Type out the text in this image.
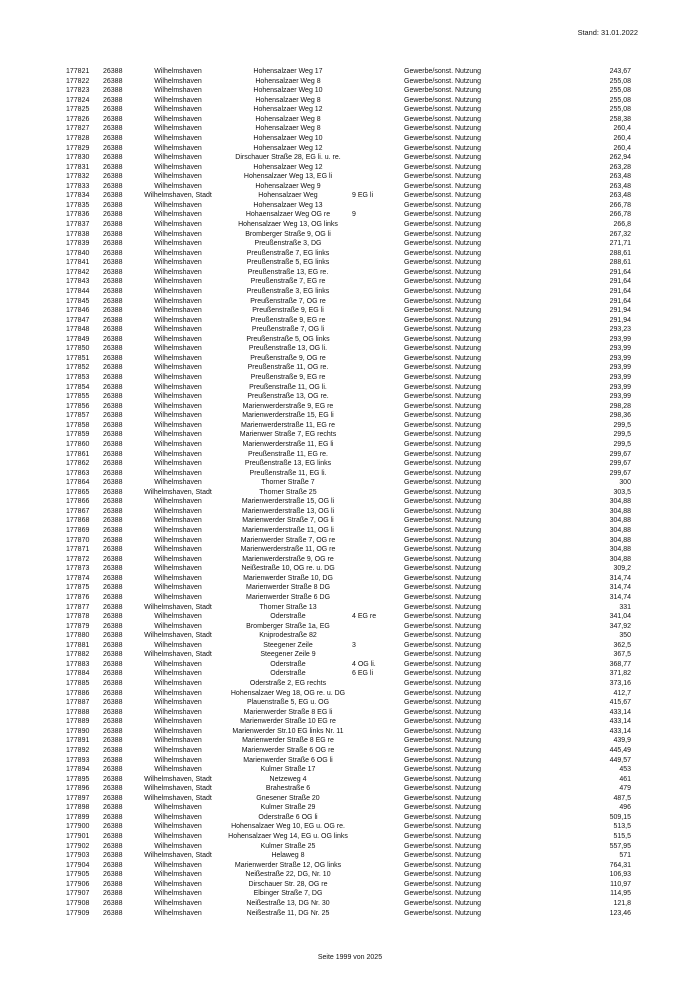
Stand: 31.01.2022
177821 26388	Wilhelmshaven	Hohensalzaer Weg 17	Gewerbe/sonst. Nutzung	243,67
177822 26388	Wilhelmshaven	Hohensalzaer Weg 8	Gewerbe/sonst. Nutzung	255,08
177823 26388	Wilhelmshaven	Hohensalzaer Weg 10	Gewerbe/sonst. Nutzung	255,08
177824 26388	Wilhelmshaven	Hohensalzaer Weg 8	Gewerbe/sonst. Nutzung	255,08
177825 26388	Wilhelmshaven	Hohensalzaer Weg 12	Gewerbe/sonst. Nutzung	255,08
177826 26388	Wilhelmshaven	Hohensalzaer Weg 8	Gewerbe/sonst. Nutzung	258,38
177827 26388	Wilhelmshaven	Hohensalzaer Weg 8	Gewerbe/sonst. Nutzung	260,4
177828 26388	Wilhelmshaven	Hohensalzaer Weg 10	Gewerbe/sonst. Nutzung	260,4
177829 26388	Wilhelmshaven	Hohensalzaer Weg 12	Gewerbe/sonst. Nutzung	260,4
177830 26388	Wilhelmshaven	Dirschauer Straße 28, EG li. u. re.	Gewerbe/sonst. Nutzung	262,94
177831 26388	Wilhelmshaven	Hohensalzaer Weg 12	Gewerbe/sonst. Nutzung	263,28
177832 26388	Wilhelmshaven	Hohensalzaer Weg 13, EG li	Gewerbe/sonst. Nutzung	263,48
177833 26388	Wilhelmshaven	Hohensalzaer Weg 9	Gewerbe/sonst. Nutzung	263,48
177834 26388	Wilhelmshaven, Stadt	Hohensalzaer Weg	9 EG li	Gewerbe/sonst. Nutzung	263,48
177835 26388	Wilhelmshaven	Hohensalzaer Weg 13	Gewerbe/sonst. Nutzung	266,78
177836 26388	Wilhelmshaven	Hohaensalzaer Weg OG re	9	Gewerbe/sonst. Nutzung	266,78
177837 26388	Wilhelmshaven	Hohensalzaer Weg 13, OG links	Gewerbe/sonst. Nutzung	266,8
177838 26388	Wilhelmshaven	Bromberger Straße 9, OG li	Gewerbe/sonst. Nutzung	267,32
177839 26388	Wilhelmshaven	Preußenstraße 3, DG	Gewerbe/sonst. Nutzung	271,71
177840 26388	Wilhelmshaven	Preußenstraße 7, EG links	Gewerbe/sonst. Nutzung	288,61
177841 26388	Wilhelmshaven	Preußenstraße 5, EG links	Gewerbe/sonst. Nutzung	288,61
177842 26388	Wilhelmshaven	Preußenstraße 13, EG re.	Gewerbe/sonst. Nutzung	291,64
177843 26388	Wilhelmshaven	Preußenstraße 7, EG re	Gewerbe/sonst. Nutzung	291,64
177844 26388	Wilhelmshaven	Preußenstraße 3, EG links	Gewerbe/sonst. Nutzung	291,64
177845 26388	Wilhelmshaven	Preußenstraße 7, OG re	Gewerbe/sonst. Nutzung	291,64
177846 26388	Wilhelmshaven	Preußenstraße 9, EG li	Gewerbe/sonst. Nutzung	291,94
177847 26388	Wilhelmshaven	Preußenstraße 9, EG re	Gewerbe/sonst. Nutzung	291,94
177848 26388	Wilhelmshaven	Preußenstraße 7, OG li	Gewerbe/sonst. Nutzung	293,23
177849 26388	Wilhelmshaven	Preußenstraße 5, OG links	Gewerbe/sonst. Nutzung	293,99
177850 26388	Wilhelmshaven	Preußenstraße 13, OG li.	Gewerbe/sonst. Nutzung	293,99
177851 26388	Wilhelmshaven	Preußenstraße 9, OG re	Gewerbe/sonst. Nutzung	293,99
177852 26388	Wilhelmshaven	Preußenstraße 11, OG re.	Gewerbe/sonst. Nutzung	293,99
177853 26388	Wilhelmshaven	Preußenstraße 9, EG re	Gewerbe/sonst. Nutzung	293,99
177854 26388	Wilhelmshaven	Preußenstraße 11, OG li.	Gewerbe/sonst. Nutzung	293,99
177855 26388	Wilhelmshaven	Preußenstraße 13, OG re.	Gewerbe/sonst. Nutzung	293,99
177856 26388	Wilhelmshaven	Marienwerderstraße 9, EG re	Gewerbe/sonst. Nutzung	298,28
177857 26388	Wilhelmshaven	Marienwerderstraße 15, EG li	Gewerbe/sonst. Nutzung	298,36
177858 26388	Wilhelmshaven	Marienwerderstraße 11, EG re	Gewerbe/sonst. Nutzung	299,5
177859 26388	Wilhelmshaven	Marienwer Straße 7, EG rechts	Gewerbe/sonst. Nutzung	299,5
177860 26388	Wilhelmshaven	Marienwerderstraße 11, EG li	Gewerbe/sonst. Nutzung	299,5
177861 26388	Wilhelmshaven	Preußenstraße 11, EG re.	Gewerbe/sonst. Nutzung	299,67
177862 26388	Wilhelmshaven	Preußenstraße 13, EG links	Gewerbe/sonst. Nutzung	299,67
177863 26388	Wilhelmshaven	Preußenstraße 11, EG li.	Gewerbe/sonst. Nutzung	299,67
177864 26388	Wilhelmshaven	Thorner Straße 7	Gewerbe/sonst. Nutzung	300
177865 26388	Wilhelmshaven, Stadt	Thorner Straße 25	Gewerbe/sonst. Nutzung	303,5
177866 26388	Wilhelmshaven	Marienwerderstraße 15, OG li	Gewerbe/sonst. Nutzung	304,88
177867 26388	Wilhelmshaven	Marienwerderstraße 13, OG li	Gewerbe/sonst. Nutzung	304,88
177868 26388	Wilhelmshaven	Marienwerder Straße 7, OG li	Gewerbe/sonst. Nutzung	304,88
177869 26388	Wilhelmshaven	Marienwerderstraße 11, OG li	Gewerbe/sonst. Nutzung	304,88
177870 26388	Wilhelmshaven	Marienwerder Straße 7, OG re	Gewerbe/sonst. Nutzung	304,88
177871 26388	Wilhelmshaven	Marienwerderstraße 11, OG re	Gewerbe/sonst. Nutzung	304,88
177872 26388	Wilhelmshaven	Marienwerderstraße 9, OG re	Gewerbe/sonst. Nutzung	304,88
177873 26388	Wilhelmshaven	Neißestraße 10, OG re. u. DG	Gewerbe/sonst. Nutzung	309,2
177874 26388	Wilhelmshaven	Marienwerder Straße 10, DG	Gewerbe/sonst. Nutzung	314,74
177875 26388	Wilhelmshaven	Marienwerder Straße 8 DG	Gewerbe/sonst. Nutzung	314,74
177876 26388	Wilhelmshaven	Marienwerder Straße 6 DG	Gewerbe/sonst. Nutzung	314,74
177877 26388	Wilhelmshaven, Stadt	Thorner Straße 13	Gewerbe/sonst. Nutzung	331
177878 26388	Wilhelmshaven	Oderstraße	4 EG re	Gewerbe/sonst. Nutzung	341,04
177879 26388	Wilhelmshaven	Bromberger Straße 1a, EG	Gewerbe/sonst. Nutzung	347,92
177880 26388	Wilhelmshaven, Stadt	Kniprodestraße 82	Gewerbe/sonst. Nutzung	350
177881 26388	Wilhelmshaven	Steegener Zeile	3	Gewerbe/sonst. Nutzung	362,5
177882 26388	Wilhelmshaven, Stadt	Steegener Zeile 9	Gewerbe/sonst. Nutzung	367,5
177883 26388	Wilhelmshaven	Oderstraße	4 OG li.	Gewerbe/sonst. Nutzung	368,77
177884 26388	Wilhelmshaven	Oderstraße	6 EG li	Gewerbe/sonst. Nutzung	371,82
177885 26388	Wilhelmshaven	Oderstraße 2, EG rechts	Gewerbe/sonst. Nutzung	373,16
177886 26388	Wilhelmshaven	Hohensalzaer Weg 18, OG re. u. DG	Gewerbe/sonst. Nutzung	412,7
177887 26388	Wilhelmshaven	Plauenstraße 5, EG u. OG	Gewerbe/sonst. Nutzung	415,67
177888 26388	Wilhelmshaven	Marienwerder Straße 8 EG li	Gewerbe/sonst. Nutzung	433,14
177889 26388	Wilhelmshaven	Marienwerder Straße 10 EG re	Gewerbe/sonst. Nutzung	433,14
177890 26388	Wilhelmshaven	Marienwerder Str.10 EG links Nr. 11	Gewerbe/sonst. Nutzung	433,14
177891 26388	Wilhelmshaven	Marienwerder Straße 8 EG re	Gewerbe/sonst. Nutzung	439,9
177892 26388	Wilhelmshaven	Marienwerder Straße 6 OG re	Gewerbe/sonst. Nutzung	445,49
177893 26388	Wilhelmshaven	Marienwerder Straße 6 OG li	Gewerbe/sonst. Nutzung	449,57
177894 26388	Wilhelmshaven	Kulmer Straße 17	Gewerbe/sonst. Nutzung	453
177895 26388	Wilhelmshaven, Stadt	Netzeweg 4	Gewerbe/sonst. Nutzung	461
177896 26388	Wilhelmshaven, Stadt	Brahestraße 6	Gewerbe/sonst. Nutzung	479
177897 26388	Wilhelmshaven, Stadt	Gnesener Straße 20	Gewerbe/sonst. Nutzung	487,5
177898 26388	Wilhelmshaven	Kulmer Straße 29	Gewerbe/sonst. Nutzung	496
177899 26388	Wilhelmshaven	Oderstraße 6 OG li	Gewerbe/sonst. Nutzung	509,15
177900 26388	Wilhelmshaven	Hohensalzaer Weg 10, EG u. OG re.	Gewerbe/sonst. Nutzung	513,5
177901 26388	Wilhelmshaven	Hohensalzaer Weg 14, EG u. OG links	Gewerbe/sonst. Nutzung	515,5
177902 26388	Wilhelmshaven	Kulmer Straße 25	Gewerbe/sonst. Nutzung	557,95
177903 26388	Wilhelmshaven, Stadt	Helaweg 8	Gewerbe/sonst. Nutzung	571
177904 26388	Wilhelmshaven	Marienwerder Straße 12, OG links	Gewerbe/sonst. Nutzung	764,31
177905 26388	Wilhelmshaven	Neißestraße 22, DG, Nr. 10	Gewerbe/sonst. Nutzung	106,93
177906 26388	Wilhelmshaven	Dirschauer Str. 28, OG re	Gewerbe/sonst. Nutzung	110,97
177907 26388	Wilhelmshaven	Elbinger Straße 7, DG	Gewerbe/sonst. Nutzung	114,95
177908 26388	Wilhelmshaven	Neißestraße 13, DG Nr. 30	Gewerbe/sonst. Nutzung	121,8
177909 26388	Wilhelmshaven	Neißestraße 11, DG Nr. 25	Gewerbe/sonst. Nutzung	123,46
Seite 1999 von 2025
